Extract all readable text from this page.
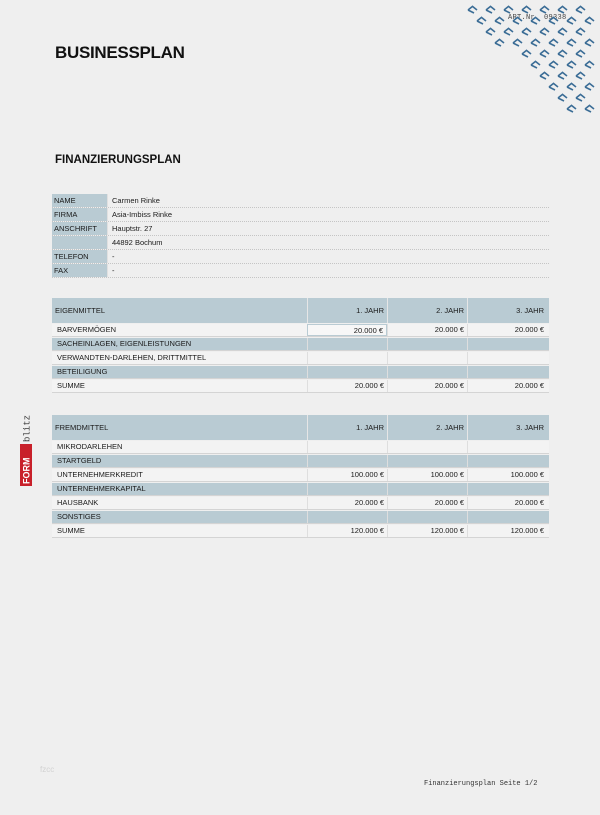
ART.Nr. 09338
BUSINESSPLAN
FINANZIERUNGSPLAN
NAME	Carmen Rinke
FIRMA	Asia-Imbiss Rinke
ANSCHRIFT	Hauptstr. 27
44892 Bochum
TELEFON	-
FAX	-
EIGENMITTEL	1. JAHR	2. JAHR	3. JAHR
BARVERMÖGEN	20.000 €	20.000 €	20.000 €
SACHEINLAGEN, EIGENLEISTUNGEN
VERWANDTEN-DARLEHEN, DRITTMITTEL
BETEILIGUNG
SUMME	20.000 €	20.000 €	20.000 €
FREMDMITTEL	1. JAHR	2. JAHR	3. JAHR
MIKRODARLEHEN
STARTGELD
UNTERNEHMERKREDIT	100.000 €	100.000 €	100.000 €
UNTERNEHMERKAPITAL
HAUSBANK	20.000 €	20.000 €	20.000 €
SONSTIGES
SUMME	120.000 €	120.000 €	120.000 €
FORM
blitz
fzcc
Finanzierungsplan Seite 1/2
